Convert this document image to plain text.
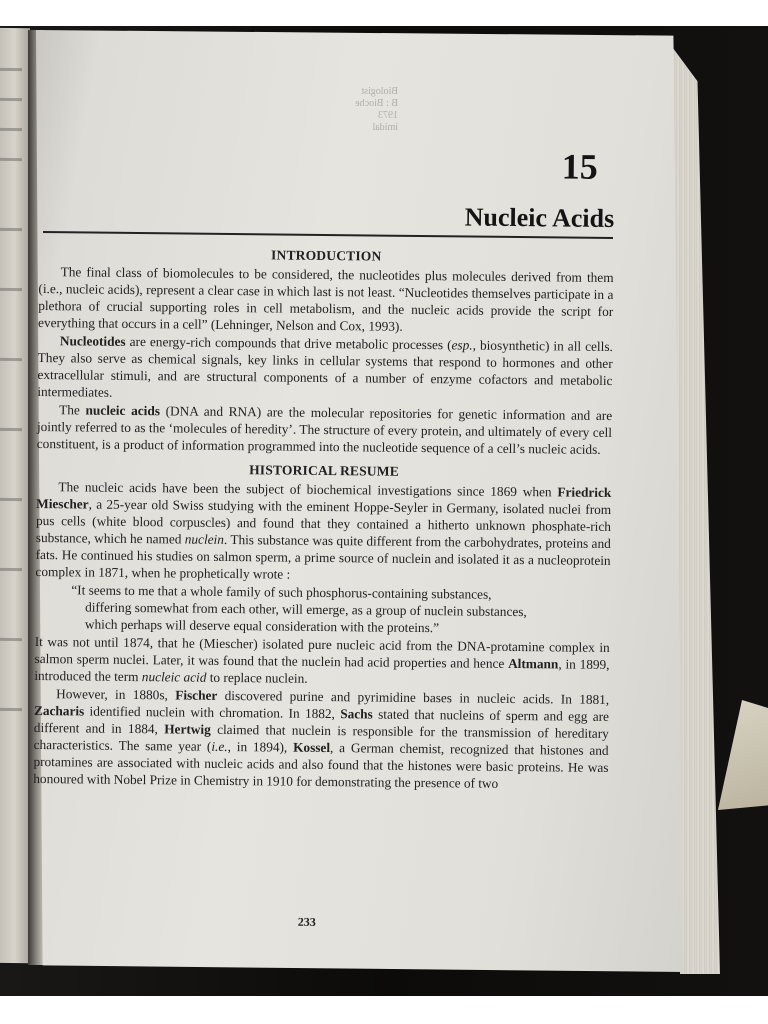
Biologist
B : Bioche
1973
imidal
15
Nucleic Acids
INTRODUCTION

The final class of biomolecules to be considered, the nucleotides plus molecules derived from them (i.e., nucleic acids), represent a clear case in which last is not least. “Nucleotides themselves participate in a plethora of crucial supporting roles in cell metabolism, and the nucleic acids provide the script for everything that occurs in a cell” (Lehninger, Nelson and Cox, 1993).

Nucleotides are energy-rich compounds that drive metabolic processes (esp., biosynthetic) in all cells. They also serve as chemical signals, key links in cellular systems that respond to hormones and other extracellular stimuli, and are structural components of a number of enzyme cofactors and metabolic intermediates.

The nucleic acids (DNA and RNA) are the molecular repositories for genetic information and are jointly referred to as the ‘molecules of heredity’. The structure of every protein, and ultimately of every cell constituent, is a product of information programmed into the nucleotide sequence of a cell’s nucleic acids.

HISTORICAL RESUME

The nucleic acids have been the subject of biochemical investigations since 1869 when Friedrick Miescher, a 25-year old Swiss studying with the eminent Hoppe-Seyler in Germany, isolated nuclei from pus cells (white blood corpuscles) and found that they contained a hitherto unknown phosphate-rich substance, which he named nuclein. This substance was quite different from the carbohydrates, proteins and fats. He continued his studies on salmon sperm, a prime source of nuclein and isolated it as a nucleoprotein complex in 1871, when he prophetically wrote :

“It seems to me that a whole family of such phosphorus-containing substances,
differing somewhat from each other, will emerge, as a group of nuclein substances,
which perhaps will deserve equal consideration with the proteins.”

It was not until 1874, that he (Miescher) isolated pure nucleic acid from the DNA-protamine complex in salmon sperm nuclei. Later, it was found that the nuclein had acid properties and hence Altmann, in 1899, introduced the term nucleic acid to replace nuclein.

However, in 1880s, Fischer discovered purine and pyrimidine bases in nucleic acids. In 1881, Zacharis identified nuclein with chromation. In 1882, Sachs stated that nucleins of sperm and egg are different and in 1884, Hertwig claimed that nuclein is responsible for the transmission of hereditary characteristics. The same year (i.e., in 1894), Kossel, a German chemist, recognized that histones and protamines are associated with nucleic acids and also found that the histones were basic proteins. He was honoured with Nobel Prize in Chemistry in 1910 for demonstrating the presence of two

233
